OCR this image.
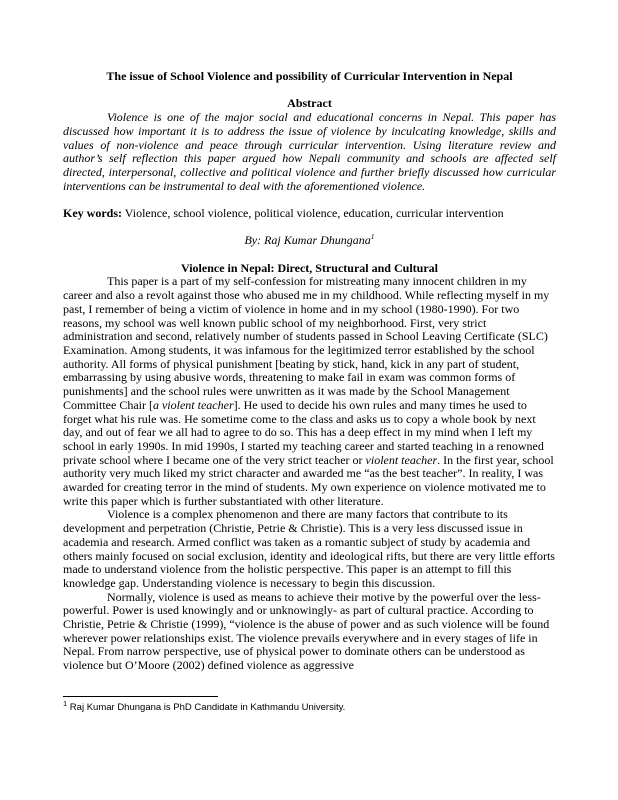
The issue of School Violence and possibility of Curricular Intervention in Nepal

Abstract

Violence is one of the major social and educational concerns in Nepal. This paper has discussed how important it is to address the issue of violence by inculcating knowledge, skills and values of non-violence and peace through curricular intervention. Using literature review and author’s self reflection this paper argued how Nepali community and schools are affected self directed, interpersonal, collective and political violence and further briefly discussed how curricular interventions can be instrumental to deal with the aforementioned violence.

Key words: Violence, school violence, political violence, education, curricular intervention

By: Raj Kumar Dhungana$^1$

Violence in Nepal: Direct, Structural and Cultural

This paper is a part of my self-confession for mistreating many innocent children in my career and also a revolt against those who abused me in my childhood. While reflecting myself in my past, I remember of being a victim of violence in home and in my school (1980-1990). For two reasons, my school was well known public school of my neighborhood. First, very strict administration and second, relatively number of students passed in School Leaving Certificate (SLC) Examination. Among students, it was infamous for the legitimized terror established by the school authority. All forms of physical punishment [beating by stick, hand, kick in any part of student, embarrassing by using abusive words, threatening to make fail in exam was common forms of punishments] and the school rules were unwritten as it was made by the School Management Committee Chair [a violent teacher]. He used to decide his own rules and many times he used to forget what his rule was. He sometime come to the class and asks us to copy a whole book by next day, and out of fear we all had to agree to do so. This has a deep effect in my mind when I left my school in early 1990s. In mid 1990s, I started my teaching career and started teaching in a renowned private school where I became one of the very strict teacher or violent teacher. In the first year, school authority very much liked my strict character and awarded me “as the best teacher”. In reality, I was awarded for creating terror in the mind of students. My own experience on violence motivated me to write this paper which is further substantiated with other literature.

Violence is a complex phenomenon and there are many factors that contribute to its development and perpetration (Christie, Petrie & Christie). This is a very less discussed issue in academia and research. Armed conflict was taken as a romantic subject of study by academia and others mainly focused on social exclusion, identity and ideological rifts, but there are very little efforts made to understand violence from the holistic perspective. This paper is an attempt to fill this knowledge gap. Understanding violence is necessary to begin this discussion.

Normally, violence is used as means to achieve their motive by the powerful over the less-powerful. Power is used knowingly and or unknowingly- as part of cultural practice. According to Christie, Petrie & Christie (1999), “violence is the abuse of power and as such violence will be found wherever power relationships exist. The violence prevails everywhere and in every stages of life in Nepal. From narrow perspective, use of physical power to dominate others can be understood as violence but O’Moore (2002) defined violence as aggressive

$^1$ Raj Kumar Dhungana is PhD Candidate in Kathmandu University.
